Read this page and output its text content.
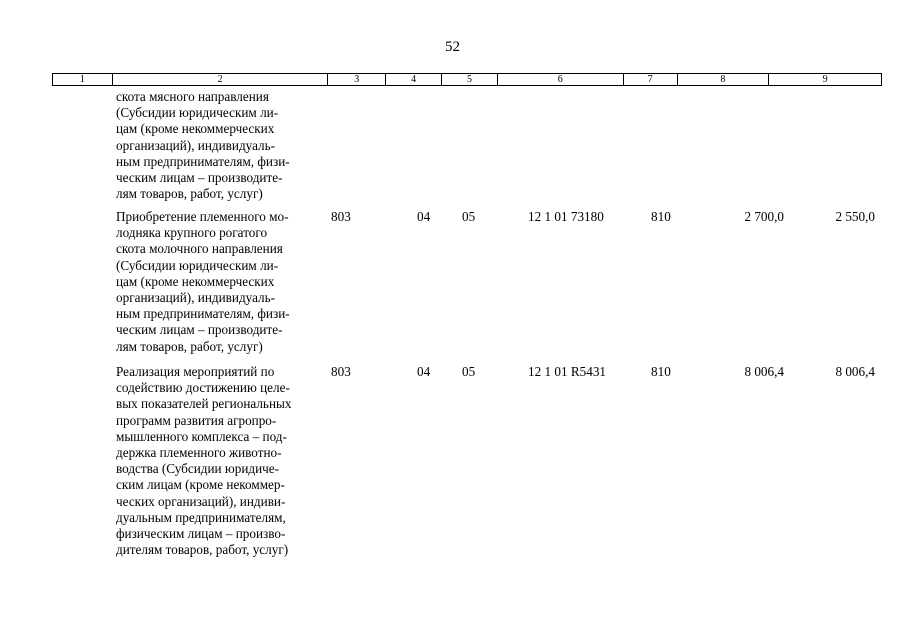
52
1	2	3	4	5	6	7	8	9
скота мясного направления
(Субсидии юридическим ли-
цам (кроме некоммерческих
организаций), индивидуаль-
ным предпринимателям, физи-
ческим лицам – производите-
лям товаров, работ, услуг)
Приобретение племенного мо-
лодняка крупного рогатого
скота молочного направления
(Субсидии юридическим ли-
цам (кроме некоммерческих
организаций), индивидуаль-
ным предпринимателям, физи-
ческим лицам – производите-
лям товаров, работ, услуг)
803	04 05	12 1 01 73180	810	2 700,0	2 550,0
Реализация мероприятий по
содействию достижению целе-
вых показателей региональных
программ развития агропро-
мышленного комплекса – под-
держка племенного животно-
водства (Субсидии юридиче-
ским лицам (кроме некоммер-
ческих организаций), индиви-
дуальным предпринимателям,
физическим лицам – произво-
дителям товаров, работ, услуг)
803	04 05	12 1 01 R5431	810	8 006,4	8 006,4
